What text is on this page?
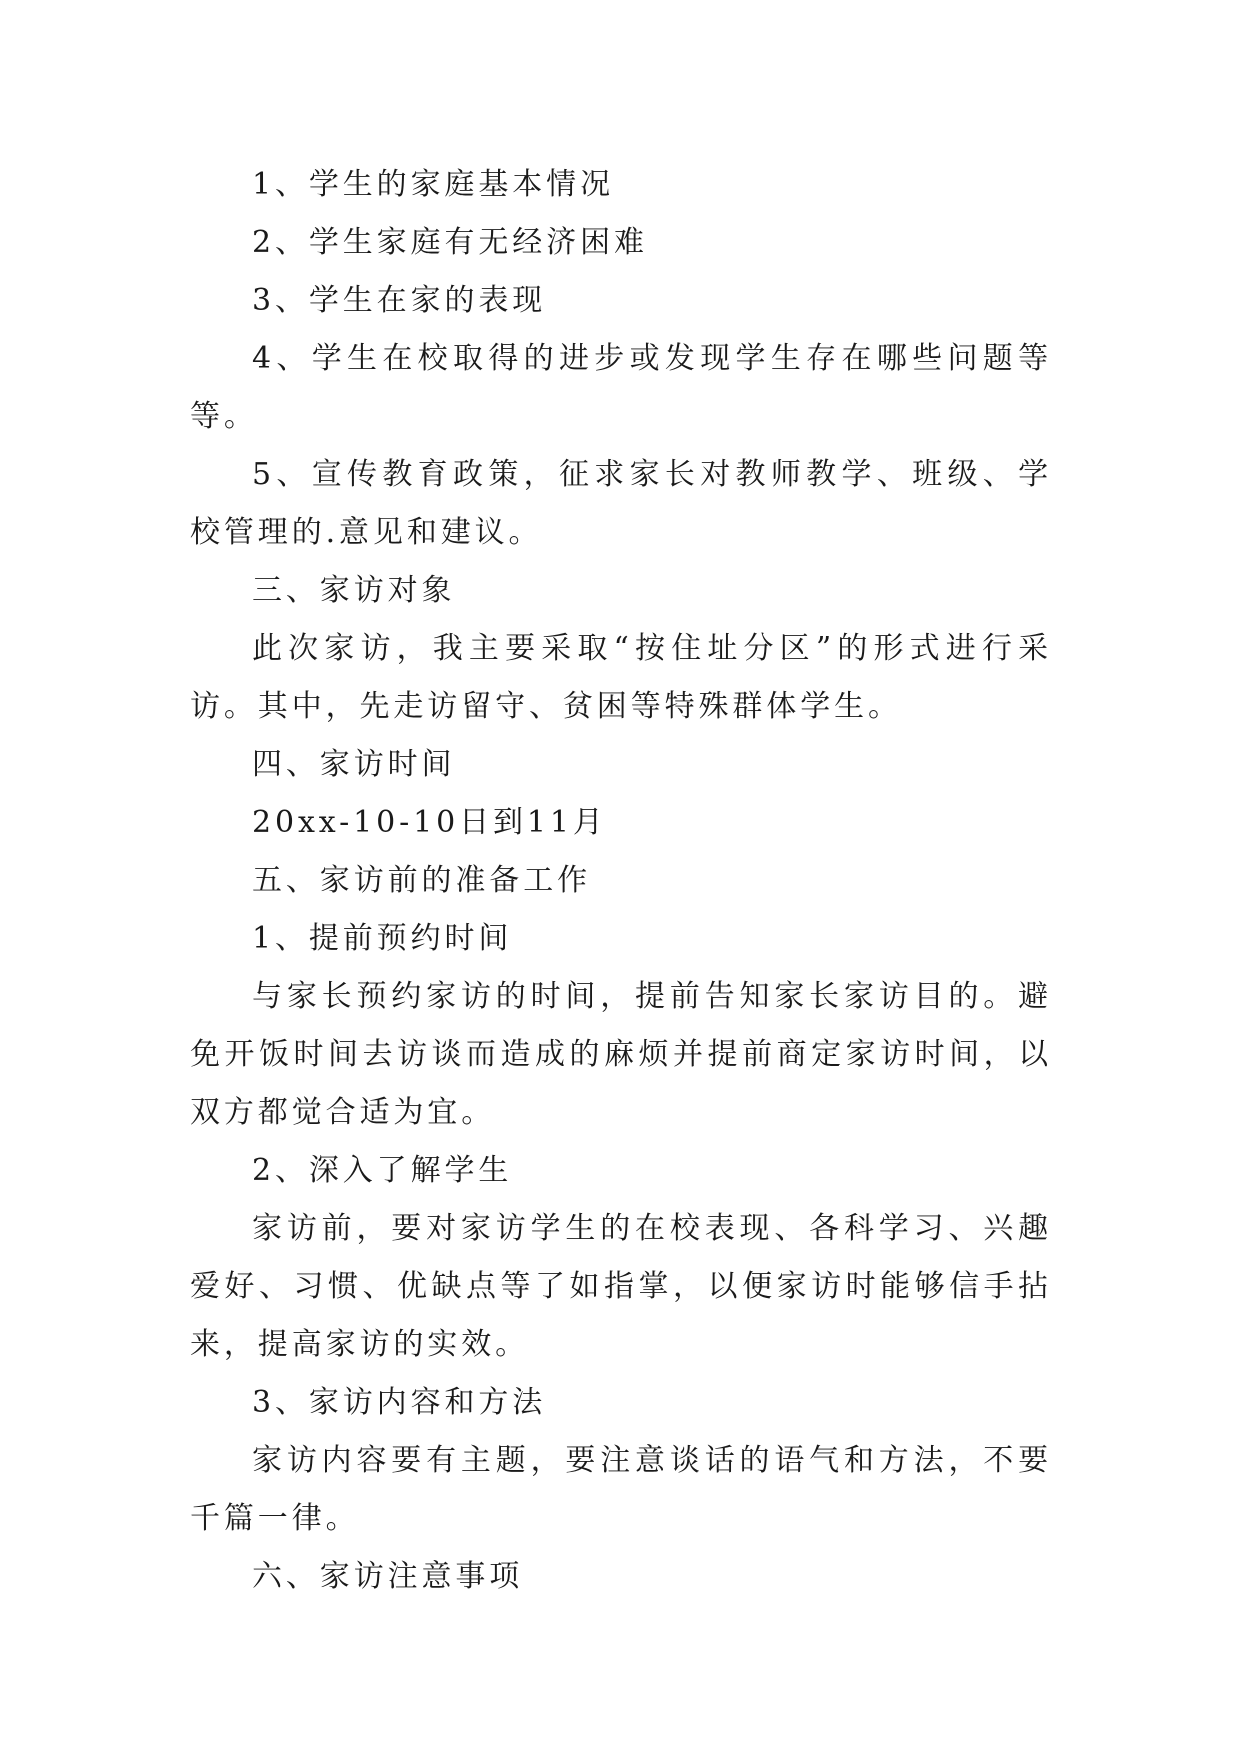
1、学生的家庭基本情况

2、学生家庭有无经济困难

3、学生在家的表现

4、学生在校取得的进步或发现学生存在哪些问题等等。

5、宣传教育政策，征求家长对教师教学、班级、学校管理的.意见和建议。

三、家访对象

此次家访，我主要采取“按住址分区”的形式进行采访。其中，先走访留守、贫困等特殊群体学生。

四、家访时间

20xx-10-10日到11月

五、家访前的准备工作

1、提前预约时间

与家长预约家访的时间，提前告知家长家访目的。避免开饭时间去访谈而造成的麻烦并提前商定家访时间，以双方都觉合适为宜。

2、深入了解学生

家访前，要对家访学生的在校表现、各科学习、兴趣爱好、习惯、优缺点等了如指掌，以便家访时能够信手拈来，提高家访的实效。

3、家访内容和方法

家访内容要有主题，要注意谈话的语气和方法，不要千篇一律。

六、家访注意事项
